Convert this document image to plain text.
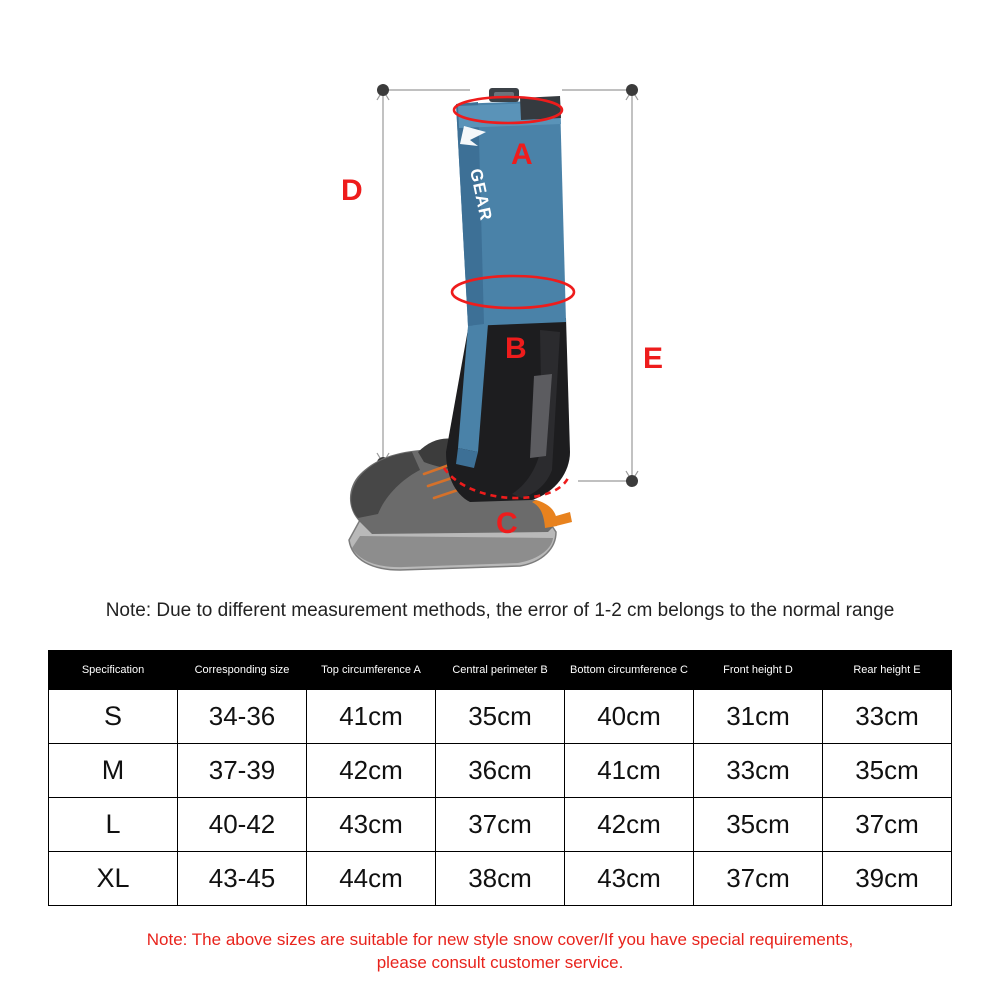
GEAR
D
E
A
B
C
Note: Due to different measurement methods, the error of 1-2 cm belongs to the normal range
Specification	Corresponding size	Top circumference A	Central perimeter B	Bottom circumference C	Front height D	Rear height E
S	34-36	41cm	35cm	40cm	31cm	33cm
M	37-39	42cm	36cm	41cm	33cm	35cm
L	40-42	43cm	37cm	42cm	35cm	37cm
XL	43-45	44cm	38cm	43cm	37cm	39cm
Note: The above sizes are suitable for new style snow cover/If you have special requirements,
please consult customer service.
